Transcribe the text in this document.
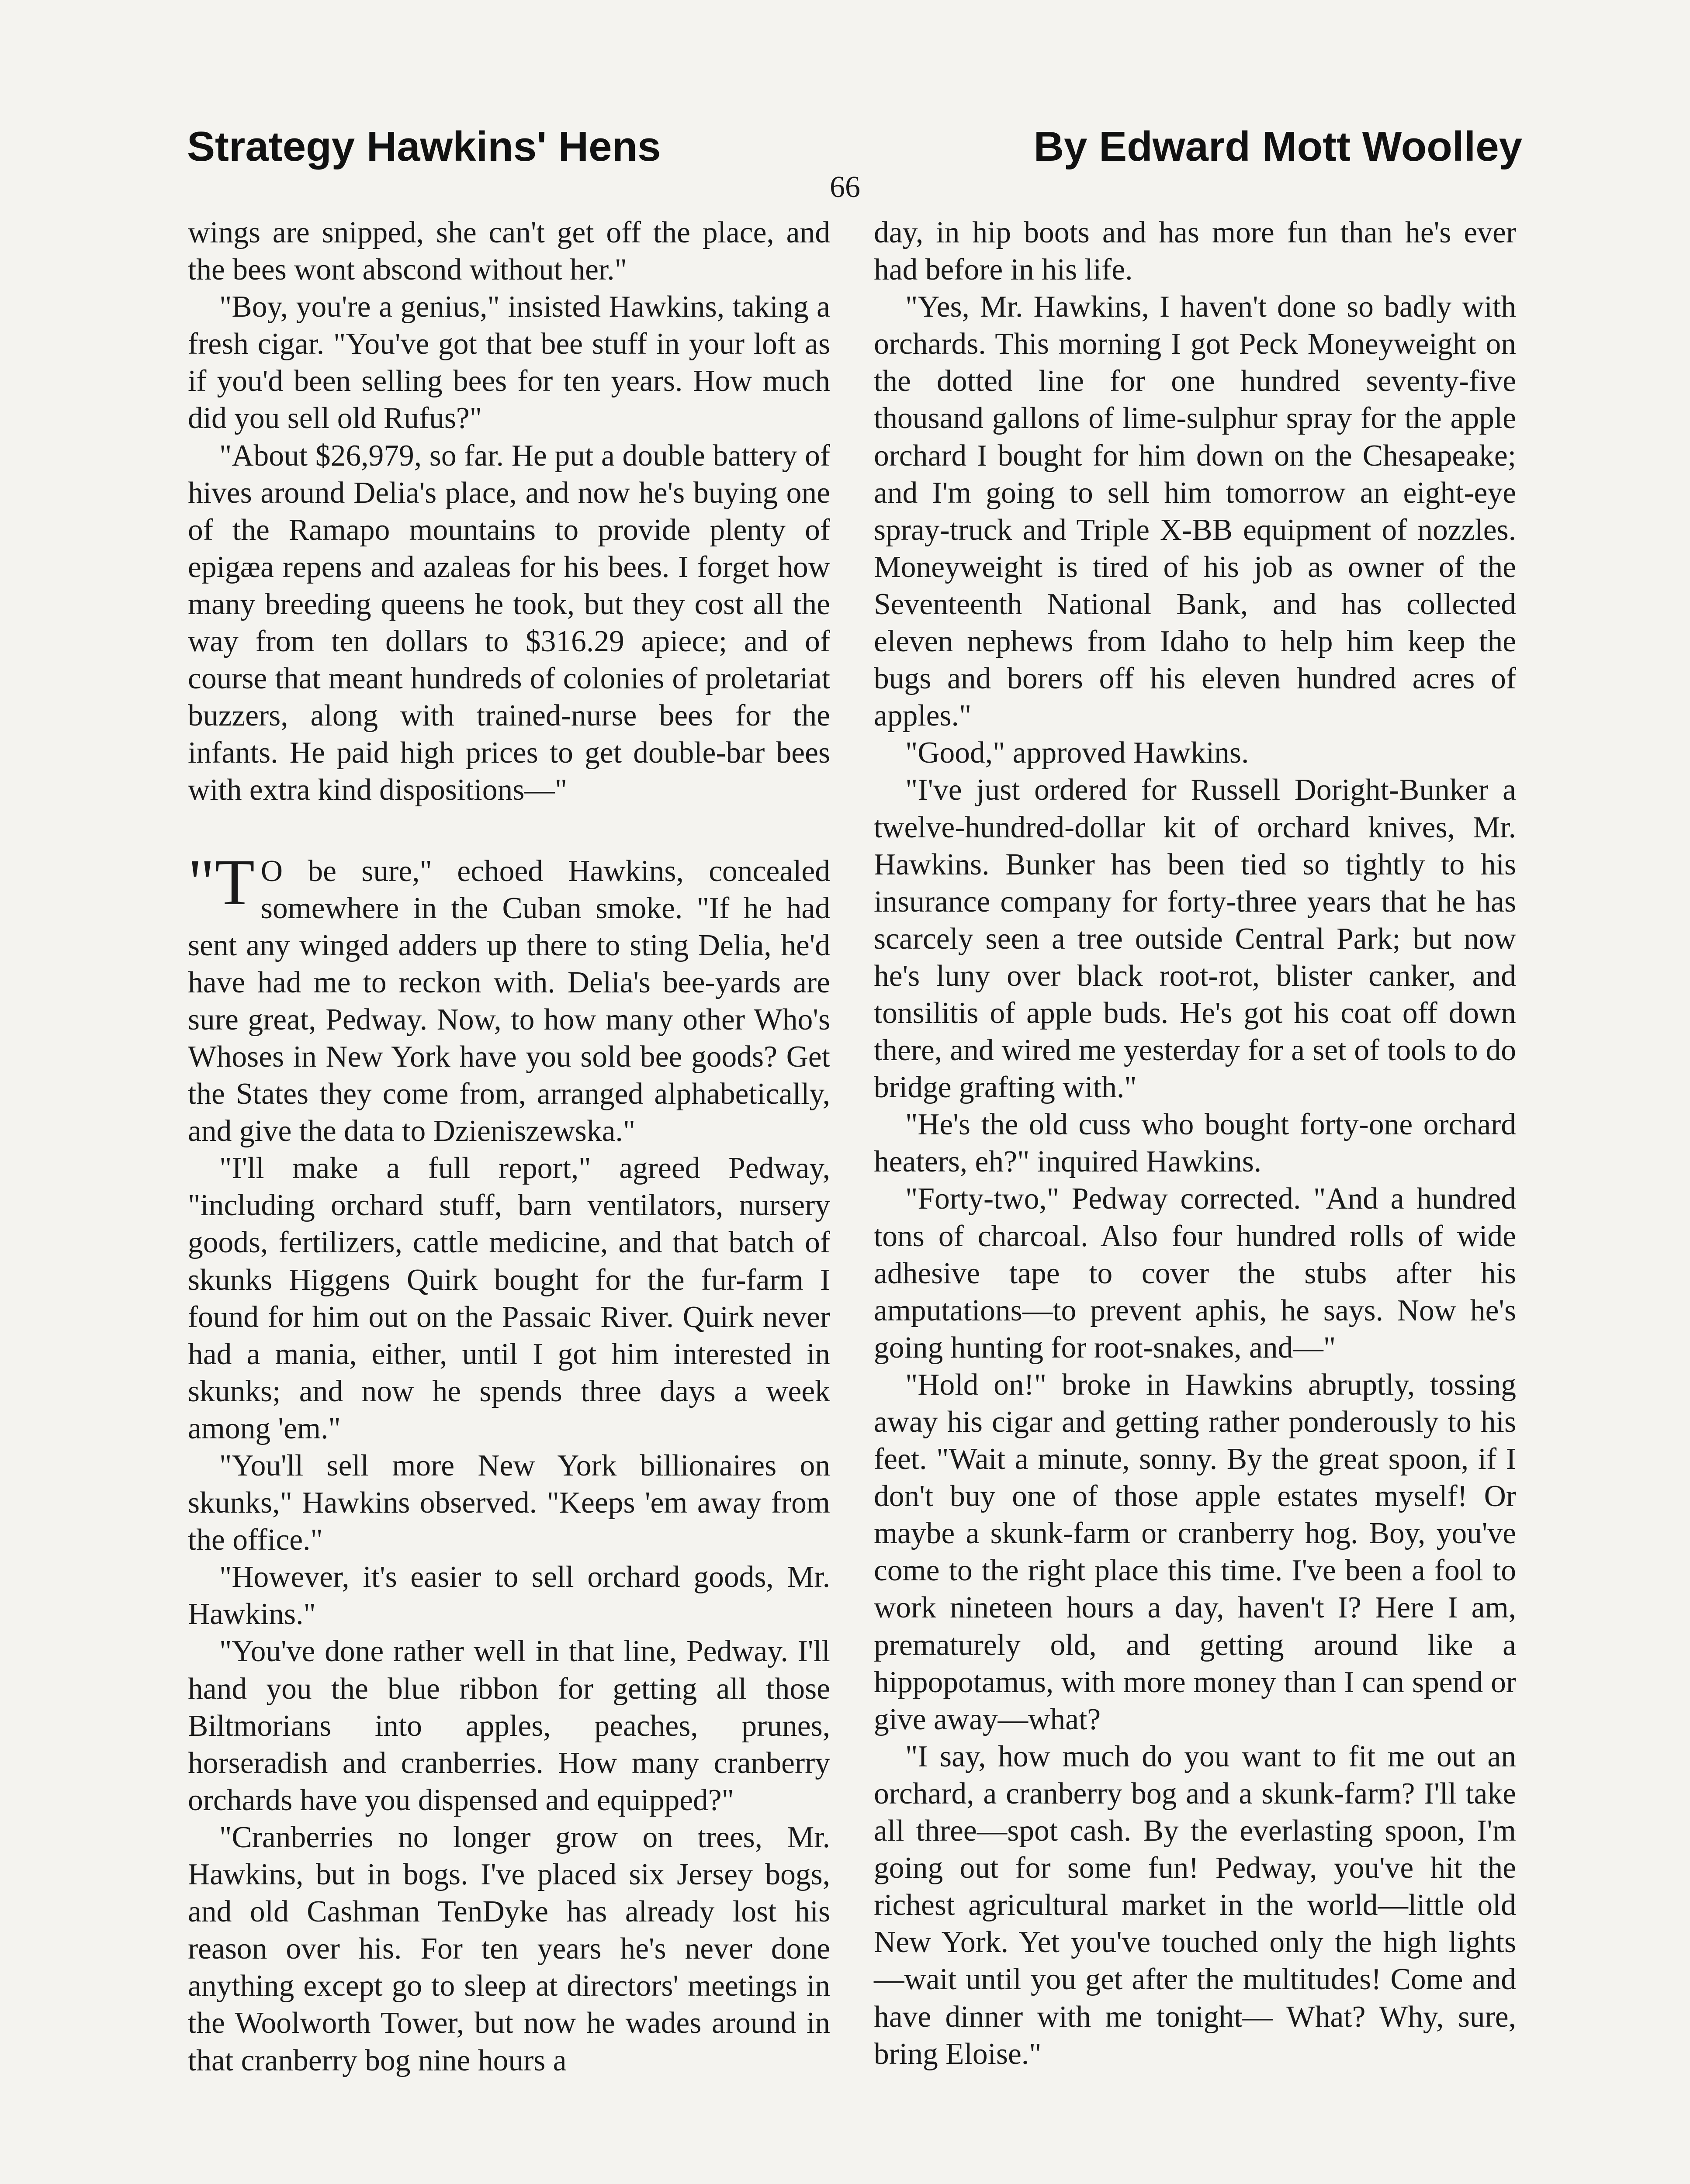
Strategy Hawkins' Hens	By Edward Mott Woolley
66

wings are snipped, she can't get off the place, and the bees wont abscond without her."

"Boy, you're a genius," insisted Hawkins, taking a fresh cigar. "You've got that bee stuff in your loft as if you'd been selling bees for ten years. How much did you sell old Rufus?"

"About $26,979, so far. He put a double battery of hives around Delia's place, and now he's buying one of the Ramapo mountains to provide plenty of epigæa repens and azaleas for his bees. I forget how many breeding queens he took, but they cost all the way from ten dollars to $316.29 apiece; and of course that meant hundreds of colonies of proletariat buzzers, along with trained-nurse bees for the infants. He paid high prices to get double-bar bees with extra kind dispositions—"

"T O be sure," echoed Hawkins, concealed somewhere in the Cuban smoke. "If he had sent any winged adders up there to sting Delia, he'd have had me to reckon with. Delia's bee-yards are sure great, Pedway. Now, to how many other Who's Whoses in New York have you sold bee goods? Get the States they come from, arranged alphabetically, and give the data to Dzieniszewska."

"I'll make a full report," agreed Pedway, "including orchard stuff, barn ventilators, nursery goods, fertilizers, cattle medicine, and that batch of skunks Higgens Quirk bought for the fur-farm I found for him out on the Passaic River. Quirk never had a mania, either, until I got him interested in skunks; and now he spends three days a week among 'em."

"You'll sell more New York billionaires on skunks," Hawkins observed. "Keeps 'em away from the office."

"However, it's easier to sell orchard goods, Mr. Hawkins."

"You've done rather well in that line, Pedway. I'll hand you the blue ribbon for getting all those Biltmorians into apples, peaches, prunes, horseradish and cranberries. How many cranberry orchards have you dispensed and equipped?"

"Cranberries no longer grow on trees, Mr. Hawkins, but in bogs. I've placed six Jersey bogs, and old Cashman TenDyke has already lost his reason over his. For ten years he's never done anything except go to sleep at directors' meetings in the Woolworth Tower, but now he wades around in that cranberry bog nine hours a

day, in hip boots and has more fun than he's ever had before in his life.

"Yes, Mr. Hawkins, I haven't done so badly with orchards. This morning I got Peck Moneyweight on the dotted line for one hundred seventy-five thousand gallons of lime-sulphur spray for the apple orchard I bought for him down on the Chesapeake; and I'm going to sell him tomorrow an eight-eye spray-truck and Triple X-BB equipment of nozzles. Moneyweight is tired of his job as owner of the Seventeenth National Bank, and has collected eleven nephews from Idaho to help him keep the bugs and borers off his eleven hundred acres of apples."

"Good," approved Hawkins.

"I've just ordered for Russell Doright-Bunker a twelve-hundred-dollar kit of orchard knives, Mr. Hawkins. Bunker has been tied so tightly to his insurance company for forty-three years that he has scarcely seen a tree outside Central Park; but now he's luny over black root-rot, blister canker, and tonsilitis of apple buds. He's got his coat off down there, and wired me yesterday for a set of tools to do bridge grafting with."

"He's the old cuss who bought forty-one orchard heaters, eh?" inquired Hawkins.

"Forty-two," Pedway corrected. "And a hundred tons of charcoal. Also four hundred rolls of wide adhesive tape to cover the stubs after his amputations—to prevent aphis, he says. Now he's going hunting for root-snakes, and—"

"Hold on!" broke in Hawkins abruptly, tossing away his cigar and getting rather ponderously to his feet. "Wait a minute, sonny. By the great spoon, if I don't buy one of those apple estates myself! Or maybe a skunk-farm or cranberry hog. Boy, you've come to the right place this time. I've been a fool to work nineteen hours a day, haven't I? Here I am, prematurely old, and getting around like a hippopotamus, with more money than I can spend or give away—what?

"I say, how much do you want to fit me out an orchard, a cranberry bog and a skunk-farm? I'll take all three—spot cash. By the everlasting spoon, I'm going out for some fun! Pedway, you've hit the richest agricultural market in the world—little old New York. Yet you've touched only the high lights—wait until you get after the multitudes! Come and have dinner with me tonight— What? Why, sure, bring Eloise."
